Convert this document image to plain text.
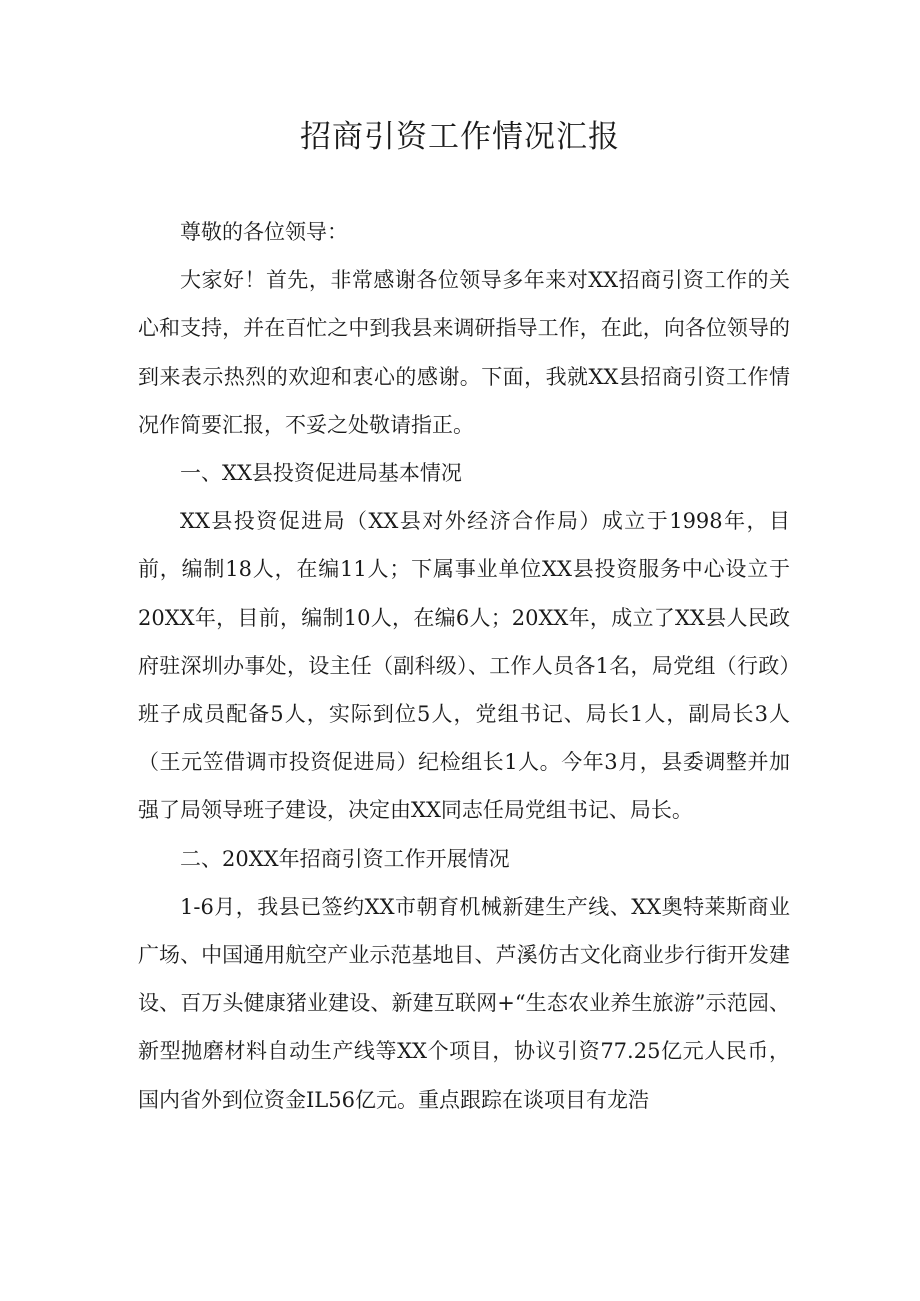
招商引资工作情况汇报

尊敬的各位领导：

大家好！首先，非常感谢各位领导多年来对XX招商引资工作的关心和支持，并在百忙之中到我县来调研指导工作，在此，向各位领导的到来表示热烈的欢迎和衷心的感谢。下面，我就XX县招商引资工作情况作简要汇报，不妥之处敬请指正。

一、XX县投资促进局基本情况

XX县投资促进局（XX县对外经济合作局）成立于1998年，目前，编制18人，在编11人；下属事业单位XX县投资服务中心设立于20XX年，目前，编制10人，在编6人；20XX年，成立了XX县人民政府驻深圳办事处，设主任（副科级）、工作人员各1名，局党组（行政）班子成员配备5人，实际到位5人，党组书记、局长1人，副局长3人（王元笠借调市投资促进局）纪检组长1人。今年3月，县委调整并加强了局领导班子建设，决定由XX同志任局党组书记、局长。

二、20XX年招商引资工作开展情况

1-6月，我县已签约XX市朝育机械新建生产线、XX奥特莱斯商业广场、中国通用航空产业示范基地目、芦溪仿古文化商业步行街开发建设、百万头健康猪业建设、新建互联网+“生态农业养生旅游”示范园、新型抛磨材料自动生产线等XX个项目，协议引资77.25亿元人民币，国内省外到位资金IL56亿元。重点跟踪在谈项目有龙浩
